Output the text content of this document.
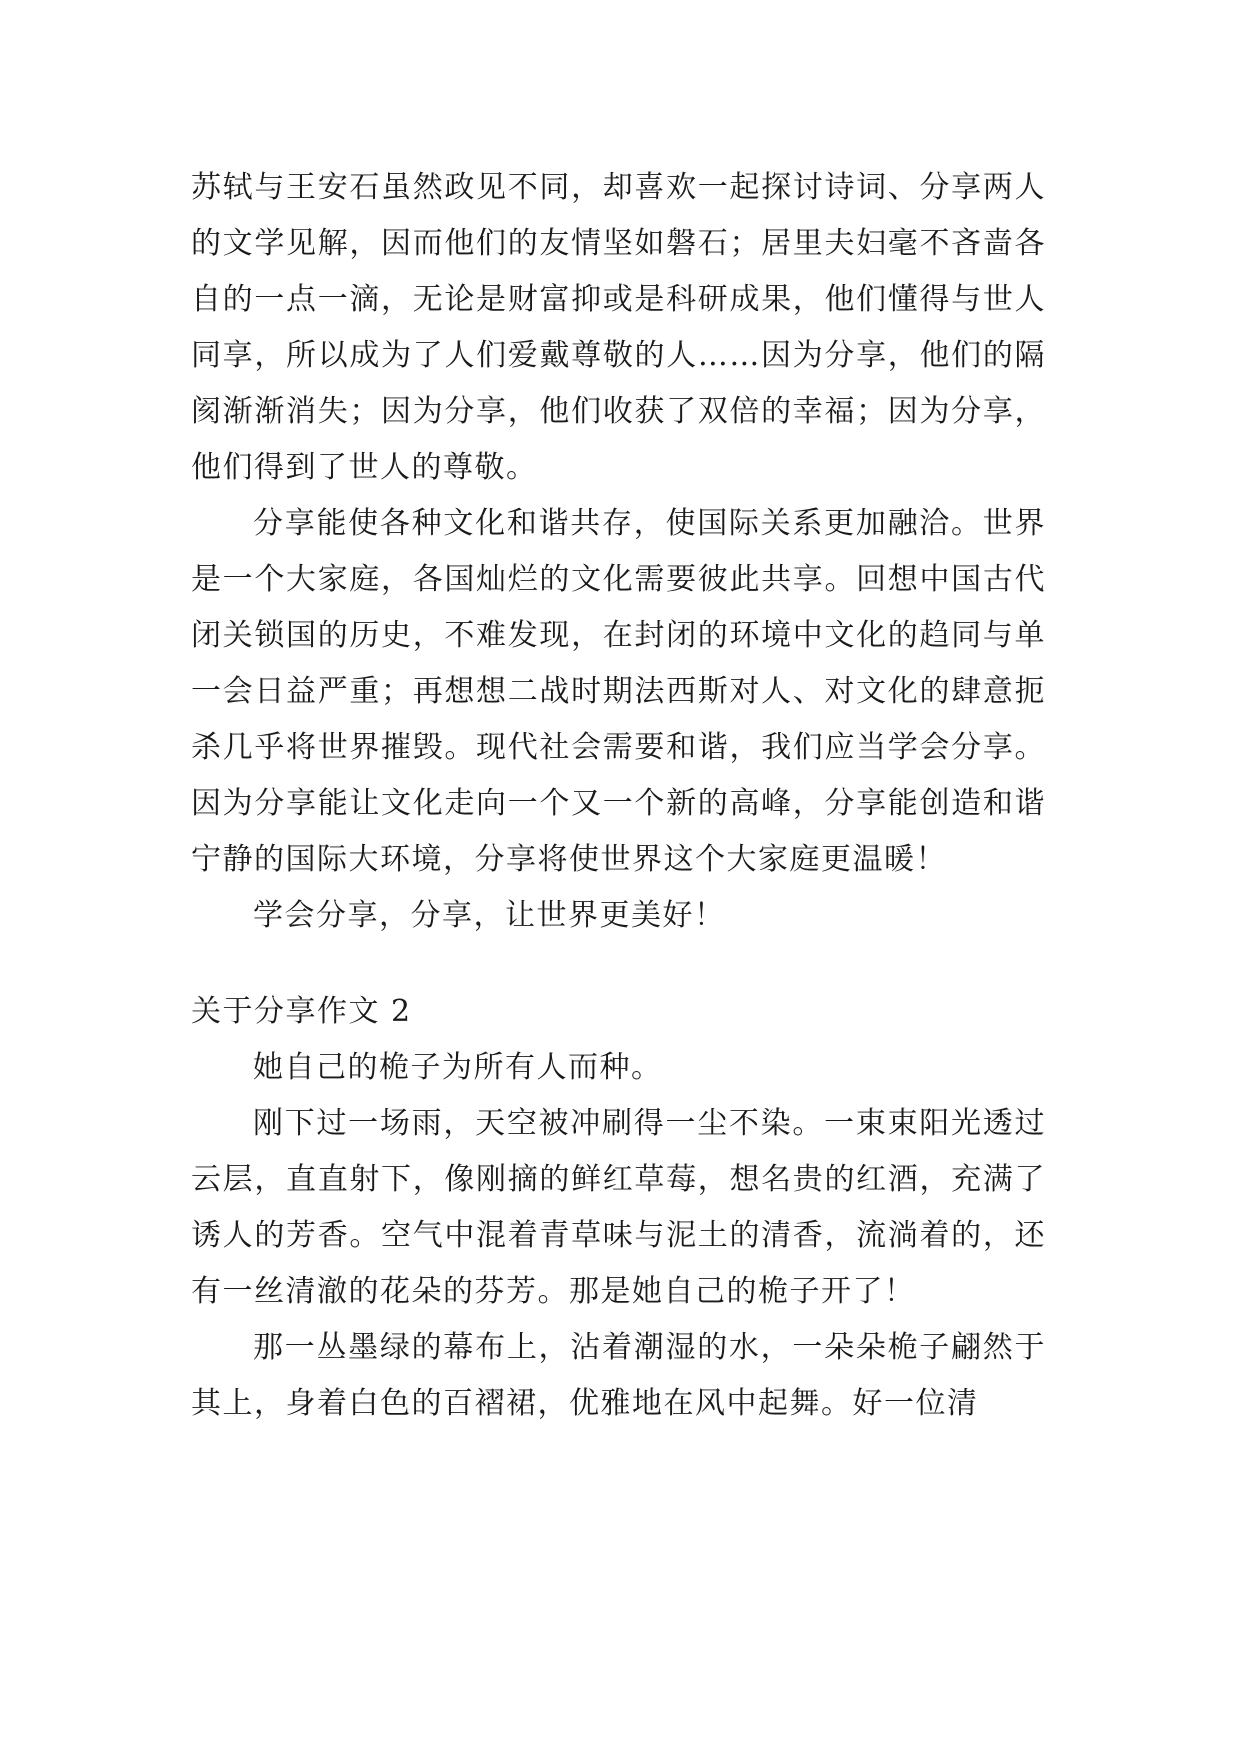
苏轼与王安石虽然政见不同，却喜欢一起探讨诗词、分享两人的文学见解，因而他们的友情坚如磐石；居里夫妇毫不吝啬各自的一点一滴，无论是财富抑或是科研成果，他们懂得与世人同享，所以成为了人们爱戴尊敬的人……因为分享，他们的隔阂渐渐消失；因为分享，他们收获了双倍的幸福；因为分享，他们得到了世人的尊敬。

分享能使各种文化和谐共存，使国际关系更加融洽。世界是一个大家庭，各国灿烂的文化需要彼此共享。回想中国古代闭关锁国的历史，不难发现，在封闭的环境中文化的趋同与单一会日益严重；再想想二战时期法西斯对人、对文化的肆意扼杀几乎将世界摧毁。现代社会需要和谐，我们应当学会分享。因为分享能让文化走向一个又一个新的高峰，分享能创造和谐宁静的国际大环境，分享将使世界这个大家庭更温暖！

学会分享，分享，让世界更美好！

关于分享作文 2

她自己的桅子为所有人而种。

刚下过一场雨，天空被冲刷得一尘不染。一束束阳光透过云层，直直射下，像刚摘的鲜红草莓，想名贵的红酒，充满了诱人的芳香。空气中混着青草味与泥土的清香，流淌着的，还有一丝清澈的花朵的芬芳。那是她自己的桅子开了！

那一丛墨绿的幕布上，沾着潮湿的水，一朵朵桅子翩然于其上，身着白色的百褶裙，优雅地在风中起舞。好一位清
